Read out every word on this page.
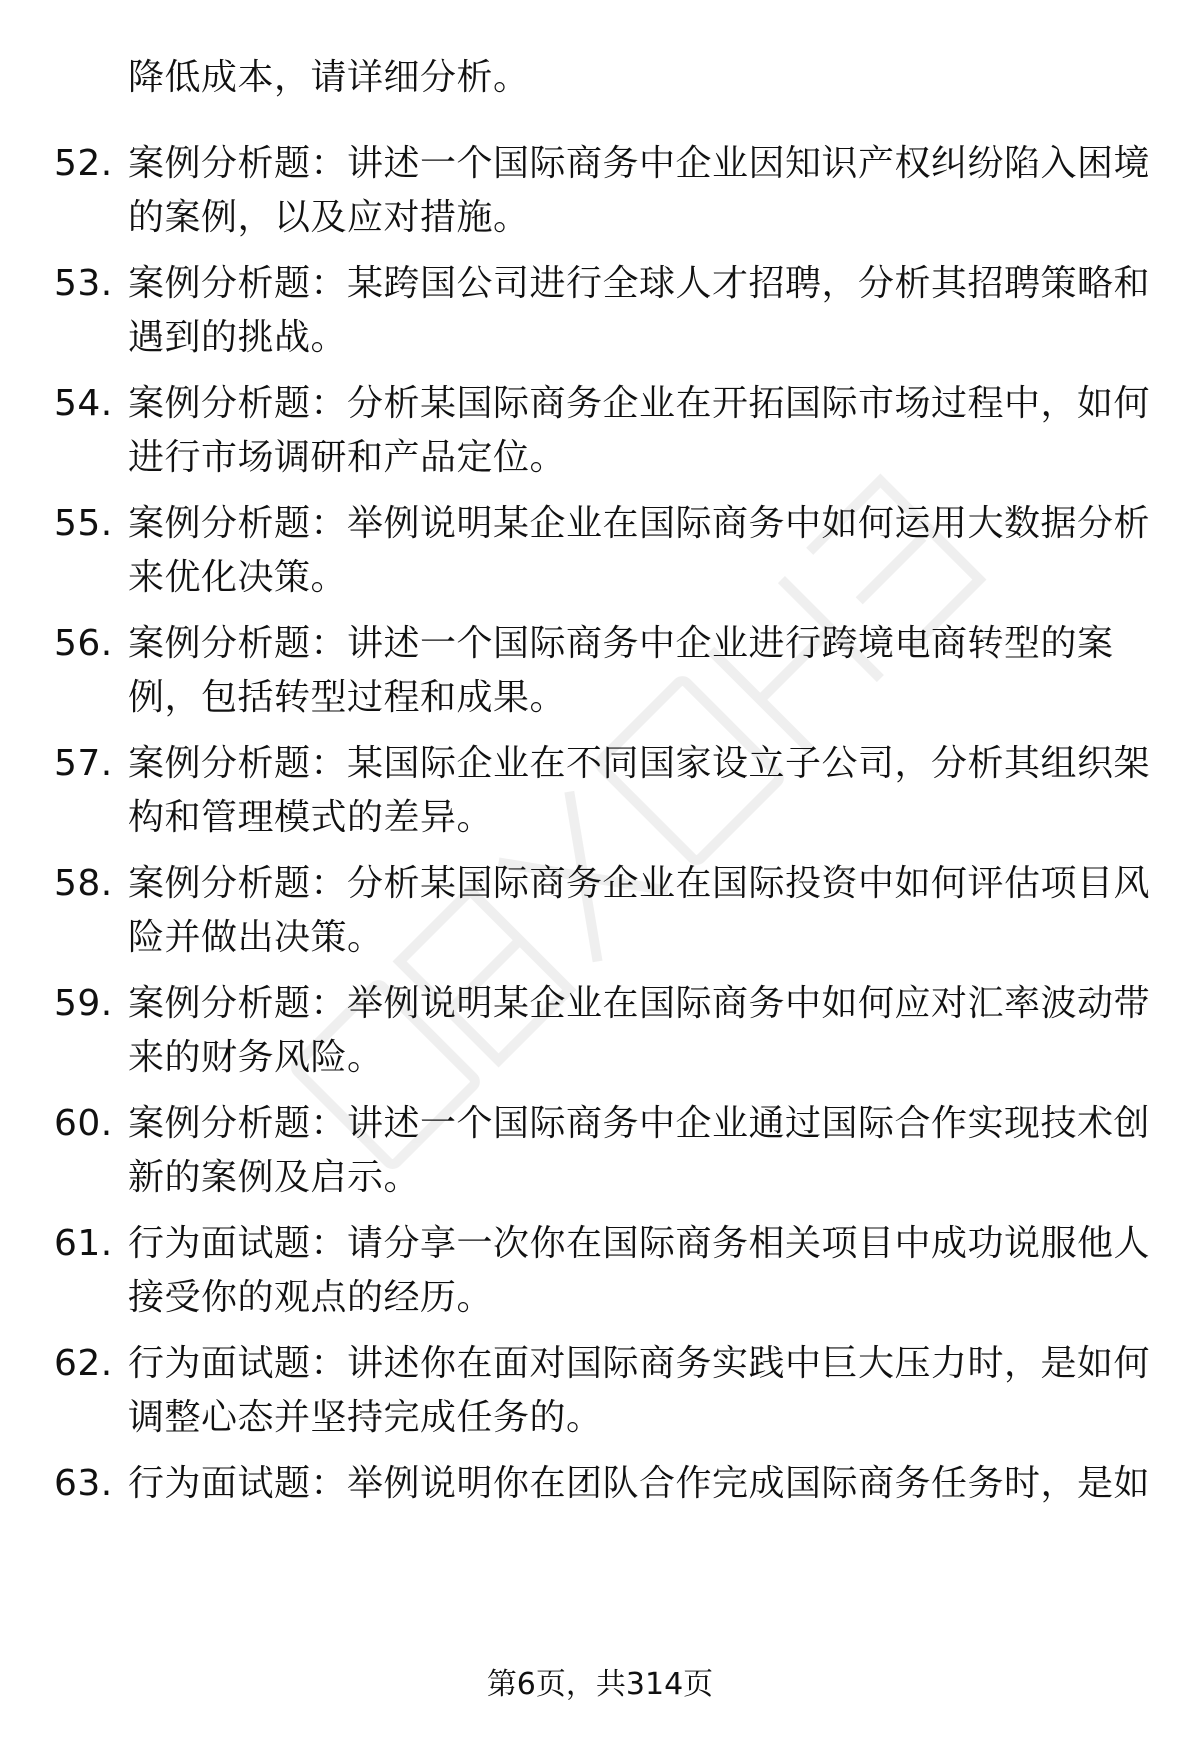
降低成本，请详细分析。
52. 案例分析题：讲述一个国际商务中企业因知识产权纠纷陷入困境
的案例，以及应对措施。
53. 案例分析题：某跨国公司进行全球人才招聘，分析其招聘策略和
遇到的挑战。
54. 案例分析题：分析某国际商务企业在开拓国际市场过程中，如何
进行市场调研和产品定位。
55. 案例分析题：举例说明某企业在国际商务中如何运用大数据分析
来优化决策。
56. 案例分析题：讲述一个国际商务中企业进行跨境电商转型的案
例，包括转型过程和成果。
57. 案例分析题：某国际企业在不同国家设立子公司，分析其组织架
构和管理模式的差异。
58. 案例分析题：分析某国际商务企业在国际投资中如何评估项目风
险并做出决策。
59. 案例分析题：举例说明某企业在国际商务中如何应对汇率波动带
来的财务风险。
60. 案例分析题：讲述一个国际商务中企业通过国际合作实现技术创
新的案例及启示。
61. 行为面试题：请分享一次你在国际商务相关项目中成功说服他人
接受你的观点的经历。
62. 行为面试题：讲述你在面对国际商务实践中巨大压力时，是如何
调整心态并坚持完成任务的。
63. 行为面试题：举例说明你在团队合作完成国际商务任务时，是如
第6页，共314页
